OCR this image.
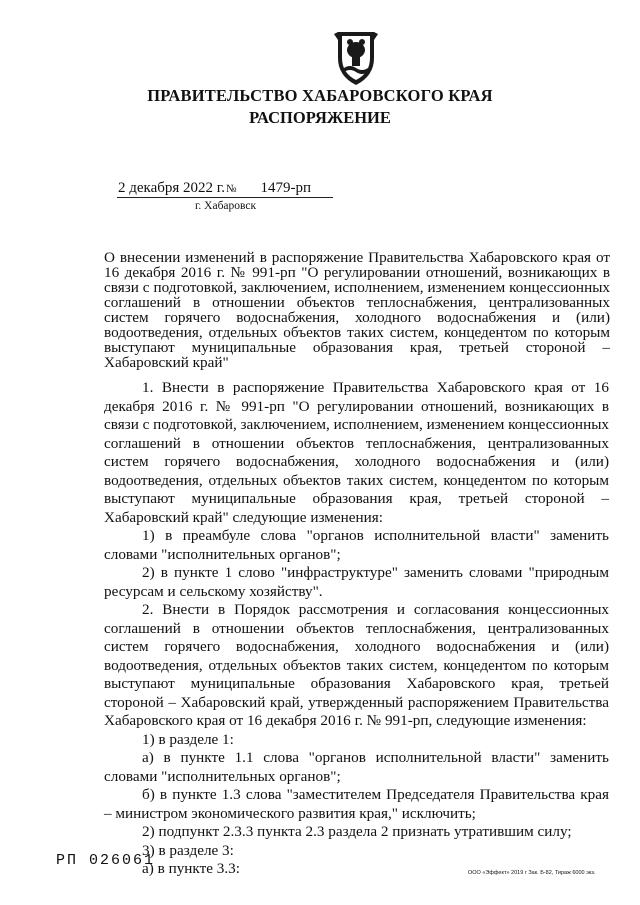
ПРАВИТЕЛЬСТВО ХАБАРОВСКОГО КРАЯ
РАСПОРЯЖЕНИЕ
2 декабря 2022 г.№ 1479-рп
г. Хабаровск
О внесении изменений в распоряжение Правительства Хабаровского края от 16 декабря 2016 г. № 991-рп "О регулировании отношений, возникающих в связи с подготовкой, заключением, исполнением, изменением концессионных соглашений в отношении объектов теплоснабжения, централизованных систем горячего водоснабжения, холодного водоснабжения и (или) водоотведения, отдельных объектов таких систем, концедентом по которым выступают муниципальные образования края, третьей стороной – Хабаровский край"

1. Внести в распоряжение Правительства Хабаровского края от 16 декабря 2016 г. № 991-рп "О регулировании отношений, возникающих в связи с подготовкой, заключением, исполнением, изменением концессионных соглашений в отношении объектов теплоснабжения, централизованных систем горячего водоснабжения, холодного водоснабжения и (или) водоотведения, отдельных объектов таких систем, концедентом по которым выступают муниципальные образования края, третьей стороной – Хабаровский край" следующие изменения:

1) в преамбуле слова "органов исполнительной власти" заменить словами "исполнительных органов";

2) в пункте 1 слово "инфраструктуре" заменить словами "природным ресурсам и сельскому хозяйству".

2. Внести в Порядок рассмотрения и согласования концессионных соглашений в отношении объектов теплоснабжения, централизованных систем горячего водоснабжения, холодного водоснабжения и (или) водоотведения, отдельных объектов таких систем, концедентом по которым выступают муниципальные образования Хабаровского края, третьей стороной – Хабаровский край, утвержденный распоряжением Правительства Хабаровского края от 16 декабря 2016 г. № 991-рп, следующие изменения:

1) в разделе 1:

а) в пункте 1.1 слова "органов исполнительной власти" заменить словами "исполнительных органов";

б) в пункте 1.3 слова "заместителем Председателя Правительства края – министром экономического развития края," исключить;

2) подпункт 2.3.3 пункта 2.3 раздела 2 признать утратившим силу;

3) в разделе 3:

а) в пункте 3.3:

РП 026061
ООО «Эффект» 2019 г Зак. Б-82, Тираж 6000 экз.
